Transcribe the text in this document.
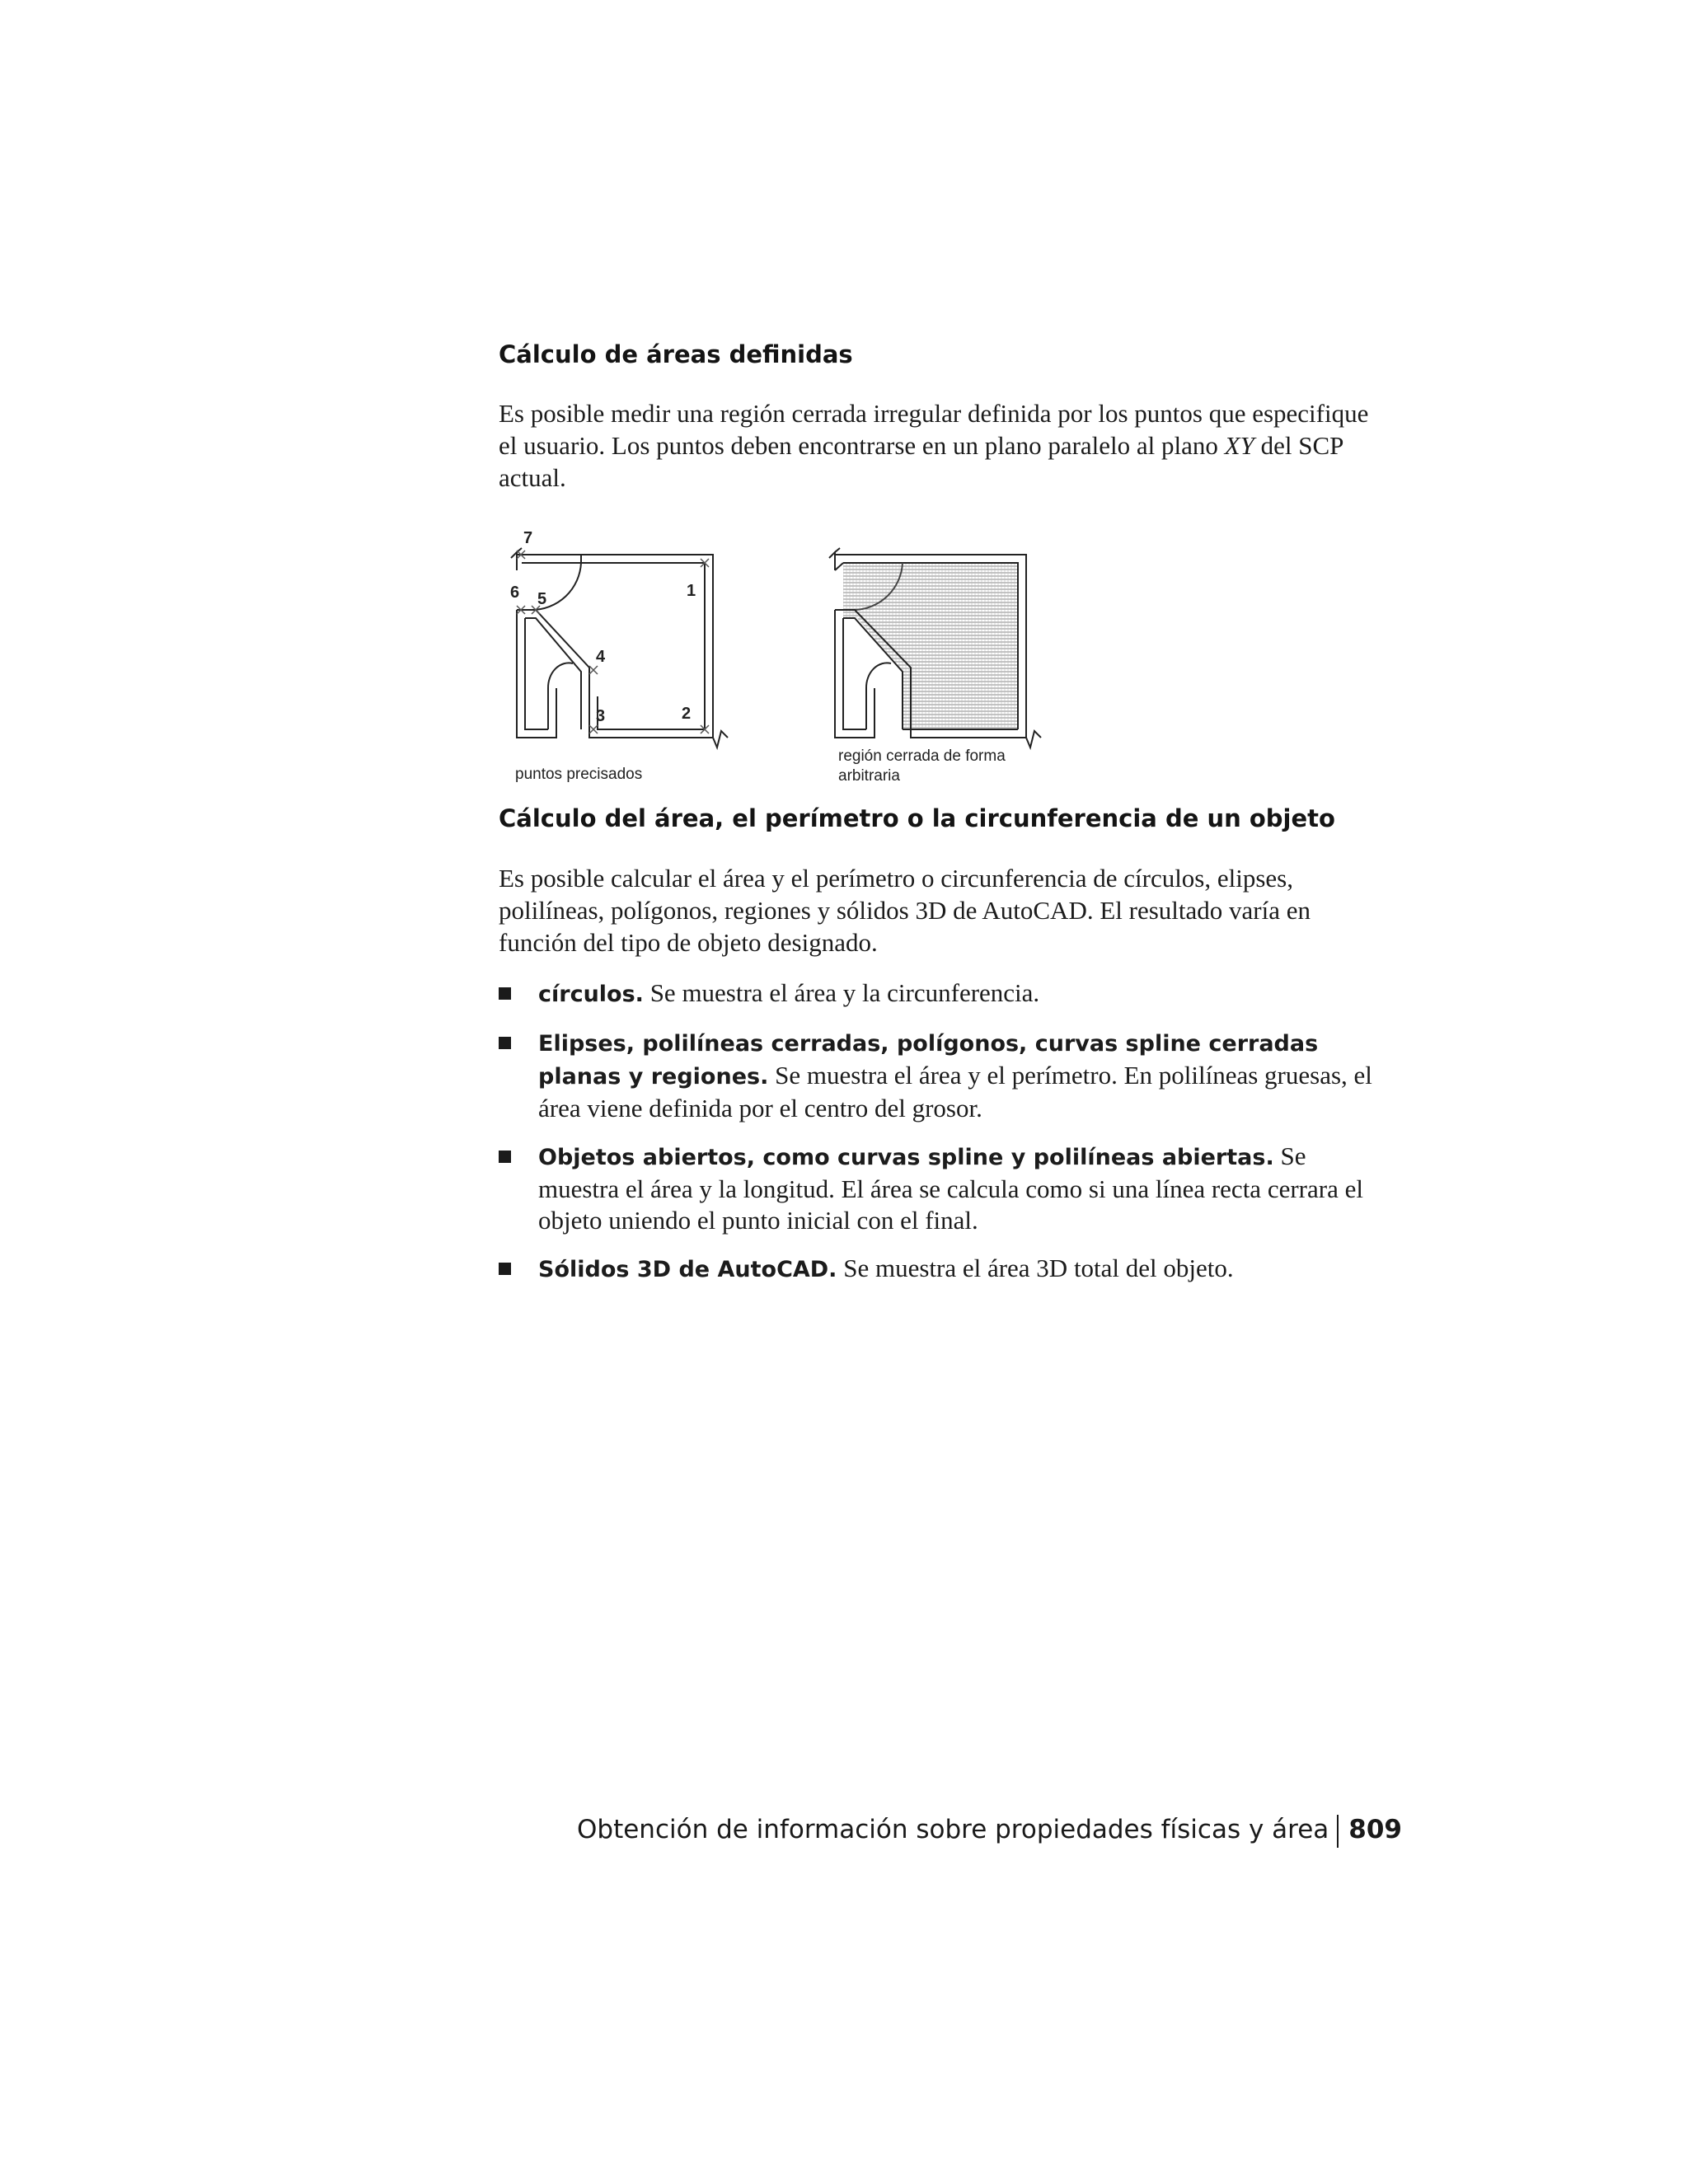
Cálculo de áreas definidas

Es posible medir una región cerrada irregular definida por los puntos que especifique el usuario. Los puntos deben encontrarse en un plano paralelo al plano XY del SCP actual.

7
1
6 5
4
3	2
puntos precisados
región cerrada de forma
arbitraria
Cálculo del área, el perímetro o la circunferencia de un objeto

Es posible calcular el área y el perímetro o circunferencia de círculos, elipses, polilíneas, polígonos, regiones y sólidos 3D de AutoCAD. El resultado varía en función del tipo de objeto designado.

círculos. Se muestra el área y la circunferencia.
Elipses, polilíneas cerradas, polígonos, curvas spline cerradas planas y regiones. Se muestra el área y el perímetro. En polilíneas gruesas, el área viene definida por el centro del grosor.
Objetos abiertos, como curvas spline y polilíneas abiertas. Se muestra el área y la longitud. El área se calcula como si una línea recta cerrara el objeto uniendo el punto inicial con el final.
Sólidos 3D de AutoCAD. Se muestra el área 3D total del objeto.
Obtención de información sobre propiedades físicas y área 809
